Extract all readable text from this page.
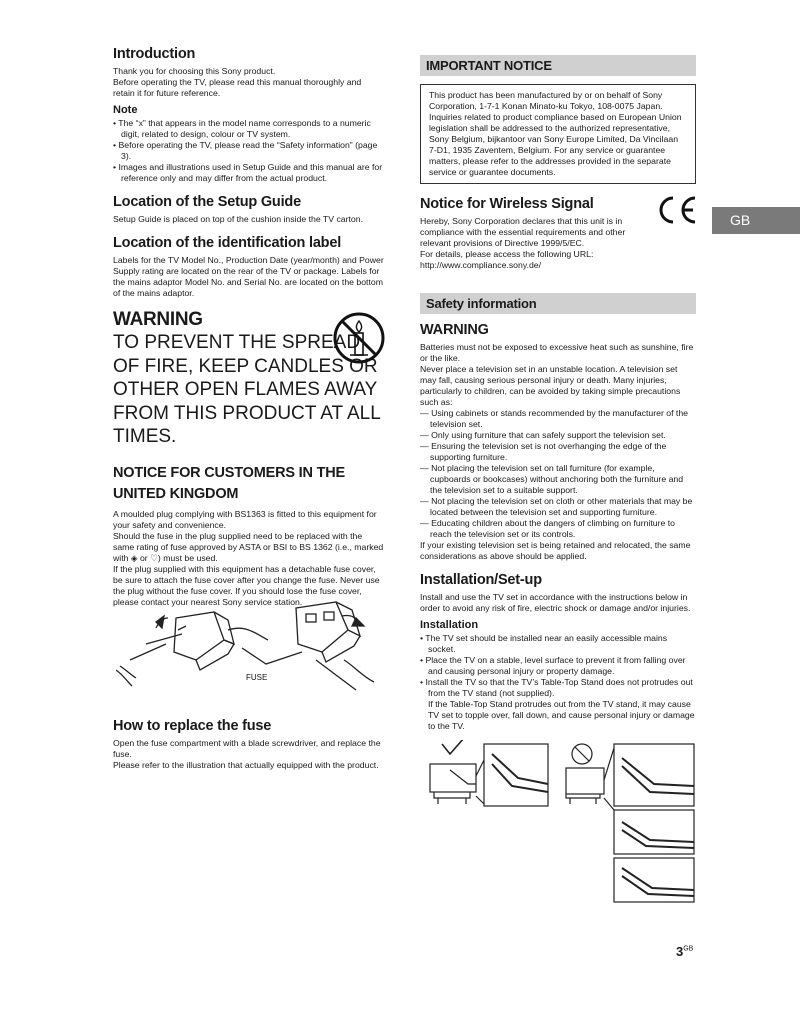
Introduction

Thank you for choosing this Sony product.

Before operating the TV, please read this manual thoroughly and retain it for future reference.

Note
• The “x” that appears in the model name corresponds to a numeric digit, related to design, colour or TV system.
• Before operating the TV, please read the “Safety information” (page 3).
• Images and illustrations used in Setup Guide and this manual are for reference only and may differ from the actual product.
Location of the Setup Guide

Setup Guide is placed on top of the cushion inside the TV carton.

Location of the identification label

Labels for the TV Model No., Production Date (year/month) and Power Supply rating are located on the rear of the TV or package. Labels for the mains adaptor Model No. and Serial No. are located on the bottom of the mains adaptor.

WARNING
TO PREVENT THE SPREAD OF FIRE, KEEP CANDLES OR OTHER OPEN FLAMES AWAY FROM THIS PRODUCT AT ALL TIMES.
NOTICE FOR CUSTOMERS IN THE UNITED KINGDOM

A moulded plug complying with BS1363 is fitted to this equipment for your safety and convenience.

Should the fuse in the plug supplied need to be replaced with the same rating of fuse approved by ASTA or BSI to BS 1362 (i.e., marked with ◈ or ♡) must be used.

If the plug supplied with this equipment has a detachable fuse cover, be sure to attach the fuse cover after you change the fuse. Never use the plug without the fuse cover. If you should lose the fuse cover, please contact your nearest Sony service station.

How to replace the fuse

Open the fuse compartment with a blade screwdriver, and replace the fuse.

Please refer to the illustration that actually equipped with the product.

FUSE
IMPORTANT NOTICE

This product has been manufactured by or on behalf of Sony Corporation, 1-7-1 Konan Minato-ku Tokyo, 108-0075 Japan. Inquiries related to product compliance based on European Union legislation shall be addressed to the authorized representative, Sony Belgium, bijkantoor van Sony Europe Limited, Da Vincilaan 7-D1, 1935 Zaventem, Belgium. For any service or guarantee matters, please refer to the addresses provided in the separate service or guarantee documents.

Notice for Wireless Signal

Hereby, Sony Corporation declares that this unit is in compliance with the essential requirements and other relevant provisions of Directive 1999/5/EC.

For details, please access the following URL:

http://www.compliance.sony.de/

Safety information
WARNING

Batteries must not be exposed to excessive heat such as sunshine, fire or the like.

Never place a television set in an unstable location. A television set may fall, causing serious personal injury or death. Many injuries, particularly to children, can be avoided by taking simple precautions such as:

— Using cabinets or stands recommended by the manufacturer of the television set.
— Only using furniture that can safely support the television set.
— Ensuring the television set is not overhanging the edge of the supporting furniture.
— Not placing the television set on tall furniture (for example, cupboards or bookcases) without anchoring both the furniture and the television set to a suitable support.
— Not placing the television set on cloth or other materials that may be located between the television set and supporting furniture.
— Educating children about the dangers of climbing on furniture to reach the television set or its controls.

If your existing television set is being retained and relocated, the same considerations as above should be applied.

Installation/Set-up

Install and use the TV set in accordance with the instructions below in order to avoid any risk of fire, electric shock or damage and/or injuries.

Installation
• The TV set should be installed near an easily accessible mains socket.
• Place the TV on a stable, level surface to prevent it from falling over and causing personal injury or property damage.
• Install the TV so that the TV’s Table-Top Stand does not protrudes out from the TV stand (not supplied).

If the Table-Top Stand protrudes out from the TV stand, it may cause TV set to topple over, fall down, and cause personal injury or damage to the TV.

GB
$3^{GB}$
